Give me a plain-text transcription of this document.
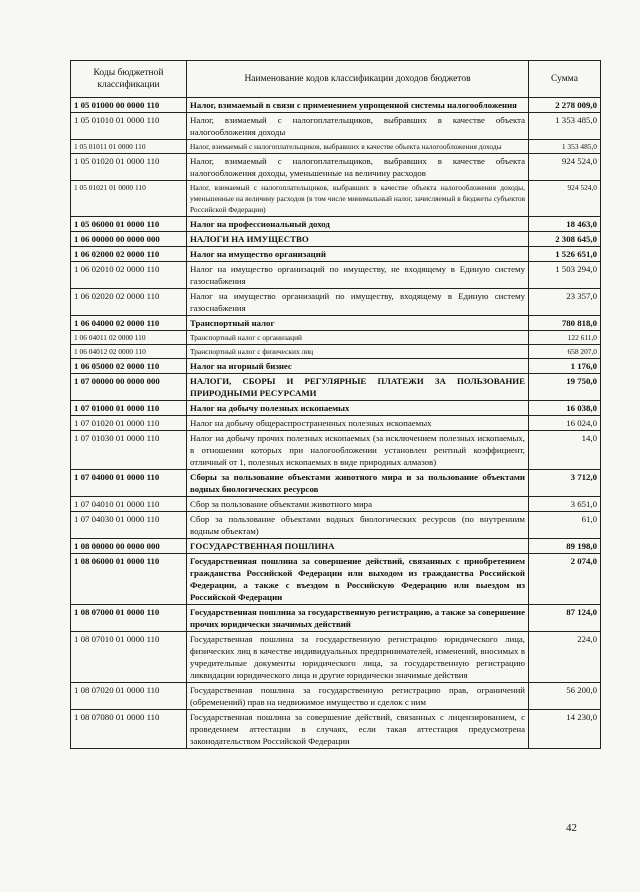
Коды бюджетной классификации	Наименование кодов классификации доходов бюджетов	Сумма
1 05 01000 00 0000 110	Налог, взимаемый в связи с применением упрощенной системы налогообложения	2 278 009,0
1 05 01010 01 0000 110	Налог, взимаемый с налогоплательщиков, выбравших в качестве объекта налогообложения доходы	1 353 485,0
1 05 01011 01 0000 110	Налог, взимаемый с налогоплательщиков, выбравших в качестве объекта налогообложения доходы	1 353 485,0
1 05 01020 01 0000 110	Налог, взимаемый с налогоплательщиков, выбравших в качестве объекта налогообложения доходы, уменьшенные на величину расходов	924 524,0
1 05 01021 01 0000 110	Налог, взимаемый с налогоплательщиков, выбравших в качестве объекта налогообложения доходы, уменьшенные на величину расходов (в том числе минимальный налог, зачисляемый в бюджеты субъектов Российской Федерации)	924 524,0
1 05 06000 01 0000 110	Налог на профессиональный доход	18 463,0
1 06 00000 00 0000 000	НАЛОГИ НА ИМУЩЕСТВО	2 308 645,0
1 06 02000 02 0000 110	Налог на имущество организаций	1 526 651,0
1 06 02010 02 0000 110	Налог на имущество организаций по имуществу, не входящему в Единую систему газоснабжения	1 503 294,0
1 06 02020 02 0000 110	Налог на имущество организаций по имуществу, входящему в Единую систему газоснабжения	23 357,0
1 06 04000 02 0000 110	Транспортный налог	780 818,0
1 06 04011 02 0000 110	Транспортный налог с организаций	122 611,0
1 06 04012 02 0000 110	Транспортный налог с физических лиц	658 207,0
1 06 05000 02 0000 110	Налог на игорный бизнес	1 176,0
1 07 00000 00 0000 000	НАЛОГИ, СБОРЫ И РЕГУЛЯРНЫЕ ПЛАТЕЖИ ЗА ПОЛЬЗОВАНИЕ ПРИРОДНЫМИ РЕСУРСАМИ	19 750,0
1 07 01000 01 0000 110	Налог на добычу полезных ископаемых	16 038,0
1 07 01020 01 0000 110	Налог на добычу общераспространенных полезных ископаемых	16 024,0
1 07 01030 01 0000 110	Налог на добычу прочих полезных ископаемых (за исключением полезных ископаемых, в отношении которых при налогообложении установлен рентный коэффициент, отличный от 1, полезных ископаемых в виде природных алмазов)	14,0
1 07 04000 01 0000 110	Сборы за пользование объектами животного мира и за пользование объектами водных биологических ресурсов	3 712,0
1 07 04010 01 0000 110	Сбор за пользование объектами животного мира	3 651,0
1 07 04030 01 0000 110	Сбор за пользование объектами водных биологических ресурсов (по внутренним водным объектам)	61,0
1 08 00000 00 0000 000	ГОСУДАРСТВЕННАЯ ПОШЛИНА	89 198,0
1 08 06000 01 0000 110	Государственная пошлина за совершение действий, связанных с приобретением гражданства Российской Федерации или выходом из гражданства Российской Федерации, а также с въездом в Российскую Федерацию или выездом из Российской Федерации	2 074,0
1 08 07000 01 0000 110	Государственная пошлина за государственную регистрацию, а также за совершение прочих юридически значимых действий	87 124,0
1 08 07010 01 0000 110	Государственная пошлина за государственную регистрацию юридического лица, физических лиц в качестве индивидуальных предпринимателей, изменений, вносимых в учредительные документы юридического лица, за государственную регистрацию ликвидации юридического лица и другие юридически значимые действия	224,0
1 08 07020 01 0000 110	Государственная пошлина за государственную регистрацию прав, ограничений (обременений) прав на недвижимое имущество и сделок с ним	56 200,0
1 08 07080 01 0000 110	Государственная пошлина за совершение действий, связанных с лицензированием, с проведением аттестации в случаях, если такая аттестация предусмотрена законодательством Российской Федерации	14 230,0
42
